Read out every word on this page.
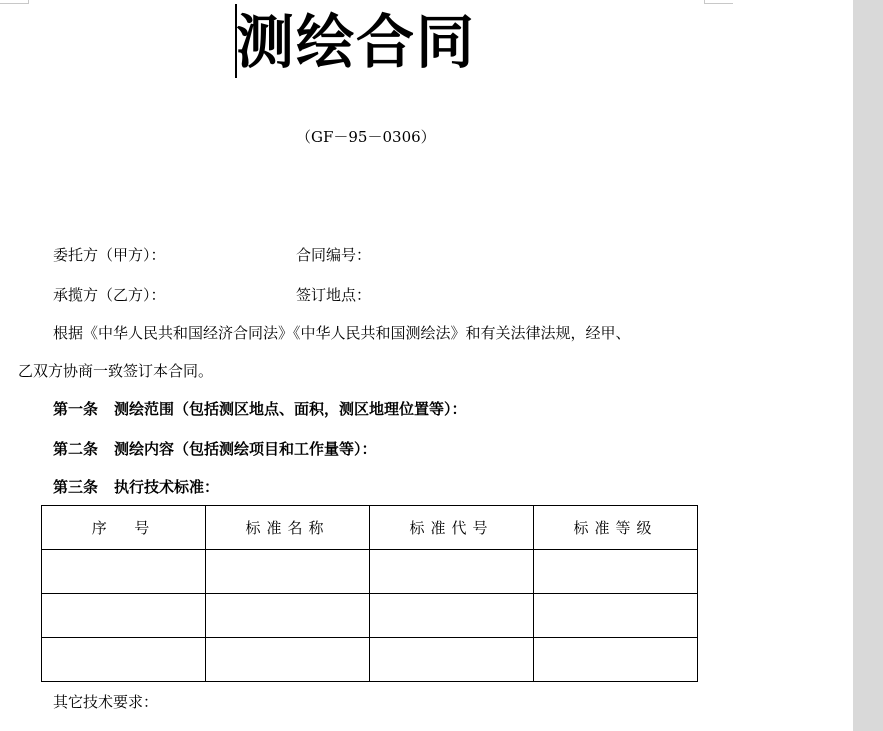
测绘合同
（GF－95－0306）
委托方（甲方）：	合同编号：
承揽方（乙方）：	签订地点：
根据《中华人民共和国经济合同法》《中华人民共和国测绘法》和有关法律法规，经甲、
乙双方协商一致签订本合同。
第一条 测绘范围（包括测区地点、面积，测区地理位置等）：
第二条 测绘内容（包括测绘项目和工作量等）：
第三条 执行技术标准：
序  号	标准名称	标准代号	标准等级

其它技术要求：
